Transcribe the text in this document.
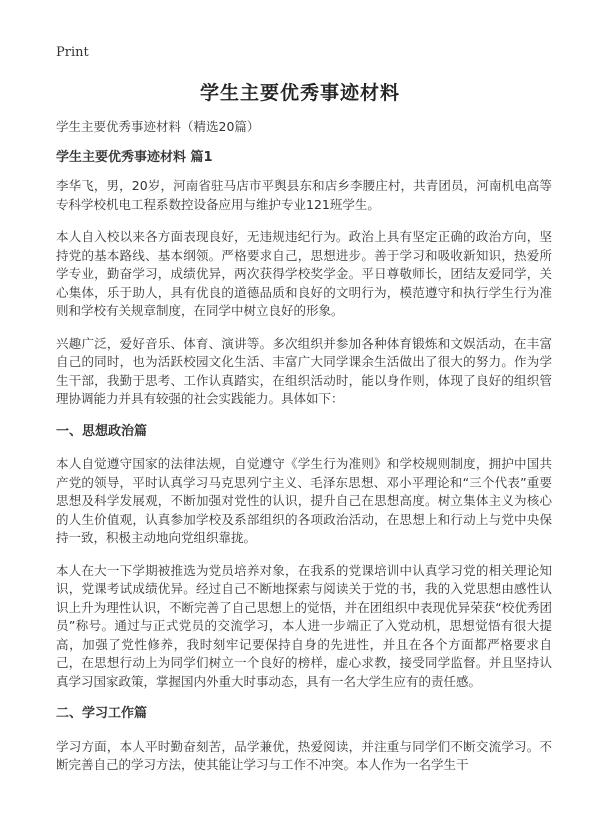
Print
学生主要优秀事迹材料

学生主要优秀事迹材料（精选20篇）

学生主要优秀事迹材料 篇1

李华飞，男，20岁，河南省驻马店市平舆县东和店乡李腰庄村，共青团员，河南机电高等专科学校机电工程系数控设备应用与维护专业121班学生。

本人自入校以来各方面表现良好，无违规违纪行为。政治上具有坚定正确的政治方向，坚持党的基本路线、基本纲领。严格要求自己，思想进步。善于学习和吸收新知识，热爱所学专业，勤奋学习，成绩优异，两次获得学校奖学金。平日尊敬师长，团结友爱同学，关心集体，乐于助人，具有优良的道德品质和良好的文明行为，模范遵守和执行学生行为准则和学校有关规章制度，在同学中树立良好的形象。

兴趣广泛，爱好音乐、体育、演讲等。多次组织并参加各种体育锻炼和文娱活动，在丰富自己的同时，也为活跃校园文化生活、丰富广大同学课余生活做出了很大的努力。作为学生干部，我勤于思考、工作认真踏实，在组织活动时，能以身作则，体现了良好的组织管理协调能力并具有较强的社会实践能力。具体如下：

一、思想政治篇

本人自觉遵守国家的法律法规，自觉遵守《学生行为准则》和学校规则制度，拥护中国共产党的领导，平时认真学习马克思列宁主义、毛泽东思想、邓小平理论和“三个代表”重要思想及科学发展观，不断加强对党性的认识，提升自己在思想高度。树立集体主义为核心的人生价值观，认真参加学校及系部组织的各项政治活动，在思想上和行动上与党中央保持一致，积极主动地向党组织靠拢。

本人在大一下学期被推选为党员培养对象，在我系的党课培训中认真学习党的相关理论知识，党课考试成绩优异。经过自己不断地探索与阅读关于党的书，我的入党思想由感性认识上升为理性认识，不断完善了自己思想上的觉悟，并在团组织中表现优异荣获“校优秀团员”称号。通过与正式党员的交流学习，本人进一步端正了入党动机，思想觉悟有很大提高，加强了党性修养，我时刻牢记要保持自身的先进性，并且在各个方面都严格要求自己，在思想行动上为同学们树立一个良好的榜样，虚心求教，接受同学监督。并且坚持认真学习国家政策，掌握国内外重大时事动态，具有一名大学生应有的责任感。

二、学习工作篇

学习方面，本人平时勤奋刻苦，品学兼优，热爱阅读，并注重与同学们不断交流学习。不断完善自己的学习方法，使其能让学习与工作不冲突。本人作为一名学生干
